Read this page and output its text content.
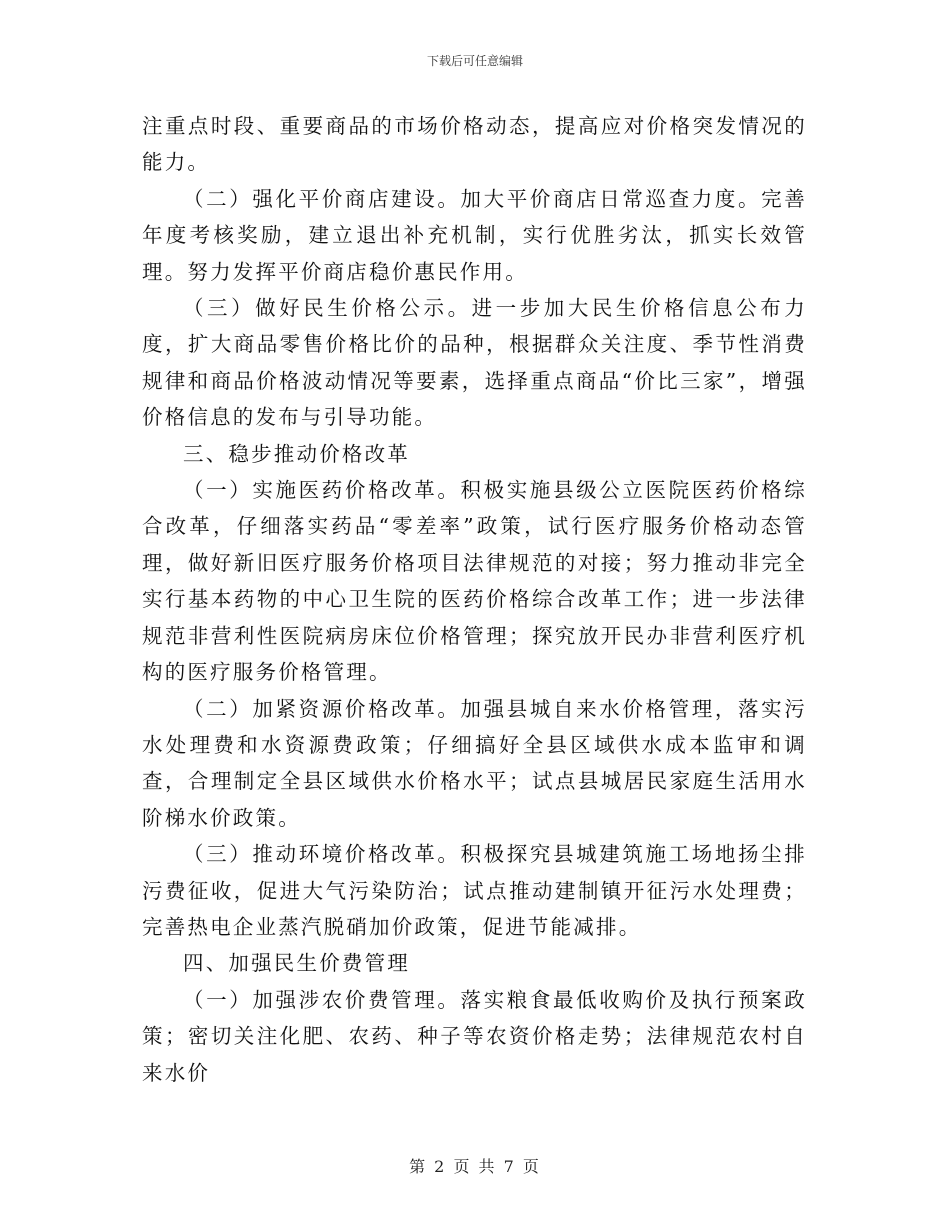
下载后可任意编辑

注重点时段、重要商品的市场价格动态，提高应对价格突发情况的能力。

（二）强化平价商店建设。加大平价商店日常巡查力度。完善年度考核奖励，建立退出补充机制，实行优胜劣汰，抓实长效管理。努力发挥平价商店稳价惠民作用。

（三）做好民生价格公示。进一步加大民生价格信息公布力度，扩大商品零售价格比价的品种，根据群众关注度、季节性消费规律和商品价格波动情况等要素，选择重点商品“价比三家”，增强价格信息的发布与引导功能。

三、稳步推动价格改革

（一）实施医药价格改革。积极实施县级公立医院医药价格综合改革，仔细落实药品“零差率”政策，试行医疗服务价格动态管理，做好新旧医疗服务价格项目法律规范的对接；努力推动非完全实行基本药物的中心卫生院的医药价格综合改革工作；进一步法律规范非营利性医院病房床位价格管理；探究放开民办非营利医疗机构的医疗服务价格管理。

（二）加紧资源价格改革。加强县城自来水价格管理，落实污水处理费和水资源费政策；仔细搞好全县区域供水成本监审和调查，合理制定全县区域供水价格水平；试点县城居民家庭生活用水阶梯水价政策。

（三）推动环境价格改革。积极探究县城建筑施工场地扬尘排污费征收，促进大气污染防治；试点推动建制镇开征污水处理费；完善热电企业蒸汽脱硝加价政策，促进节能减排。

四、加强民生价费管理

（一）加强涉农价费管理。落实粮食最低收购价及执行预案政策；密切关注化肥、农药、种子等农资价格走势；法律规范农村自来水价

第 2 页 共 7 页
